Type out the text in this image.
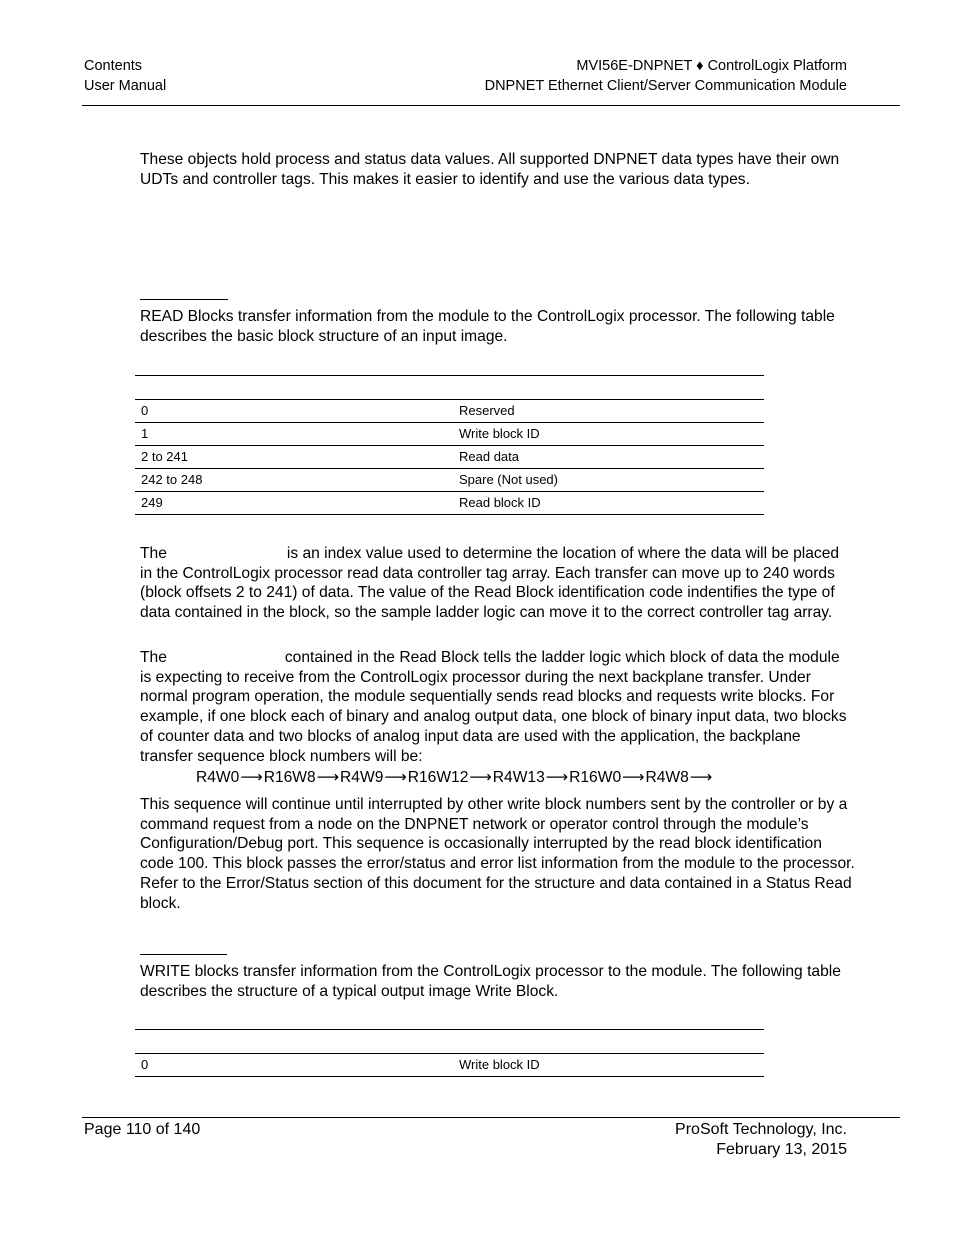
Contents
User Manual
MVI56E-DNPNET ♦ ControlLogix Platform
DNPNET Ethernet Client/Server Communication Module

These objects hold process and status data values. All supported DNPNET data types have their own UDTs and controller tags. This makes it easier to identify and use the various data types.

READ Blocks transfer information from the module to the ControlLogix processor. The following table describes the basic block structure of an input image.

0	Reserved
1	Write block ID
2 to 241	Read data
242 to 248	Spare (Not used)
249	Read block ID

The	is an index value used to determine the location of where the data will be placed in the ControlLogix processor read data controller tag array. Each transfer can move up to 240 words (block offsets 2 to 241) of data. The value of the Read Block identification code indentifies the type of data contained in the block, so the sample ladder logic can move it to the correct controller tag array.

The	contained in the Read Block tells the ladder logic which block of data the module is expecting to receive from the ControlLogix processor during the next backplane transfer. Under normal program operation, the module sequentially sends read blocks and requests write blocks. For example, if one block each of binary and analog output data, one block of binary input data, two blocks of counter data and two blocks of analog input data are used with the application, the backplane transfer sequence block numbers will be:

R4W0⟶R16W8⟶R4W9⟶R16W12⟶R4W13⟶R16W0⟶R4W8⟶

This sequence will continue until interrupted by other write block numbers sent by the controller or by a command request from a node on the DNPNET network or operator control through the module’s Configuration/Debug port. This sequence is occasionally interrupted by the read block identification code 100. This block passes the error/status and error list information from the module to the processor. Refer to the Error/Status section of this document for the structure and data contained in a Status Read block.

WRITE blocks transfer information from the ControlLogix processor to the module. The following table describes the structure of a typical output image Write Block.

0	Write block ID
Page 110 of 140	ProSoft Technology, Inc.
February 13, 2015
